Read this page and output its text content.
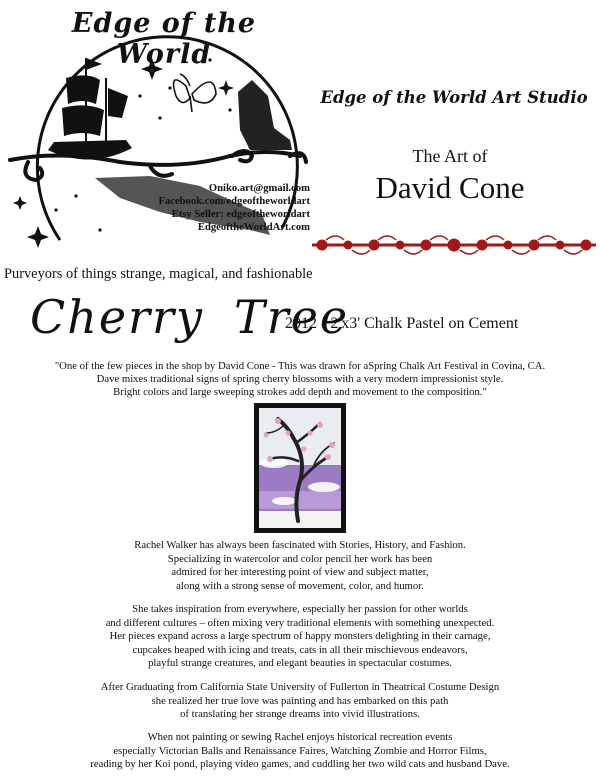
Edge of the World
Oniko.art@gmail.com
Facebook.com/edgeoftheworldart
Etsy Seller: edgeoftheworldart
EdgeoftheWorldArt.com
Edge of the World Art Studio
The Art of
David Cone
Purveyors of things strange, magical, and fashionable
Cherry Tree
2012 - 2'x3' Chalk Pastel on Cement
"One of the few pieces in the shop by David Cone - This was drawn for aSpring Chalk Art Festival in Covina, CA.
Dave mixes traditional signs of spring cherry blossoms with a very modern impressionist style.
Bright colors and large sweeping strokes add depth and movement to the composition."
Rachel Walker has always been fascinated with Stories, History, and Fashion.
Specializing in watercolor and color pencil her work has been
admired for her interesting point of view and subject matter,
along with a strong sense of movement, color, and humor.
She takes inspiration from everywhere, especially her passion for other worlds
and different cultures – often mixing very traditional elements with something unexpected.
Her pieces expand across a large spectrum of happy monsters delighting in their carnage,
cupcakes heaped with icing and treats, cats in all their mischievous endeavors,
playful strange creatures, and elegant beauties in spectacular costumes.
After Graduating from California State University of Fullerton in Theatrical Costume Design
she realized her true love was painting and has embarked on this path
of translating her strange dreams into vivid illustrations.
When not painting or sewing Rachel enjoys historical recreation events
especially Victorian Balls and Renaissance Faires, Watching Zombie and Horror Films,
reading by her Koi pond, playing video games, and cuddling her two wild cats and husband Dave.
